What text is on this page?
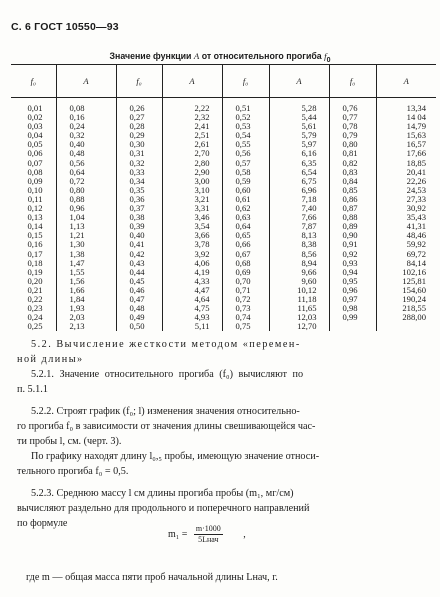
С. 6 ГОСТ 10550—93
Значение функции A от относительного прогиба $f_0$
f₀	A	f₀	A	f₀	A	f₀	A

0,01	0,08	0,26	2,22	0,51	5,28	0,76	13,34
0,02	0,16	0,27	2,32	0,52	5,44	0,77	14 04
0,03	0,24	0,28	2,41	0,53	5,61	0,78	14,79
0,04	0,32	0,29	2,51	0,54	5,79	0,79	15,63
0,05	0,40	0,30	2,61	0,55	5,97	0,80	16,57
0,06	0,48	0,31	2,70	0,56	6,16	0,81	17,66
0,07	0,56	0,32	2,80	0,57	6,35	0,82	18,85
0,08	0,64	0,33	2,90	0,58	6,54	0,83	20,41
0,09	0,72	0,34	3,00	0,59	6,75	0,84	22,26
0,10	0,80	0,35	3,10	0,60	6,96	0,85	24,53
0,11	0,88	0,36	3,21	0,61	7,18	0,86	27,33
0,12	0,96	0,37	3,31	0,62	7,40	0,87	30,92
0,13	1,04	0,38	3,46	0,63	7,66	0,88	35,43
0,14	1,13	0,39	3,54	0,64	7,87	0,89	41,31
0,15	1,21	0,40	3,66	0,65	8,13	0,90	48,46
0,16	1,30	0,41	3,78	0,66	8,38	0,91	59,92
0,17	1,38	0,42	3,92	0,67	8,56	0,92	69,72
0,18	1,47	0,43	4,06	0,68	8,94	0,93	84,14
0,19	1,55	0,44	4,19	0,69	9,66	0,94	102,16
0,20	1,56	0,45	4,33	0,70	9,60	0,95	125,81
0,21	1,66	0,46	4,47	0,71	10,12	0,96	154,60
0,22	1,84	0,47	4,64	0,72	11,18	0,97	190,24
0,23	1,93	0,48	4,75	0,73	11,65	0,98	218,55
0,24	2,03	0,49	4,93	0,74	12,03	0,99	288,00
0,25	2,13	0,50	5,11	0,75	12,70		
5.2. Вычисление жесткости методом «перемен-
ной длины»
5.2.1. Значение относительного прогиба (f₀) вычисляют по
п. 5.1.1
5.2.2. Строят график (f₀; l) изменения значения относительно-
го прогиба f₀ в зависимости от значения длины свешивающейся час-
ти пробы l, см. (черт. 3).
По графику находят длину l₀,₅ пробы, имеющую значение относи-
тельного прогиба f₀ = 0,5.
5.2.3. Среднюю массу l см длины прогиба пробы (m₁, мг/см)
вычисляют раздельно для продольного и поперечного направлений
по формуле
где m — общая масса пяти проб начальной длины Lнач, г.
$m_1 = \frac{m\cdot 1000}{\text{5Lнач}}$ ,
